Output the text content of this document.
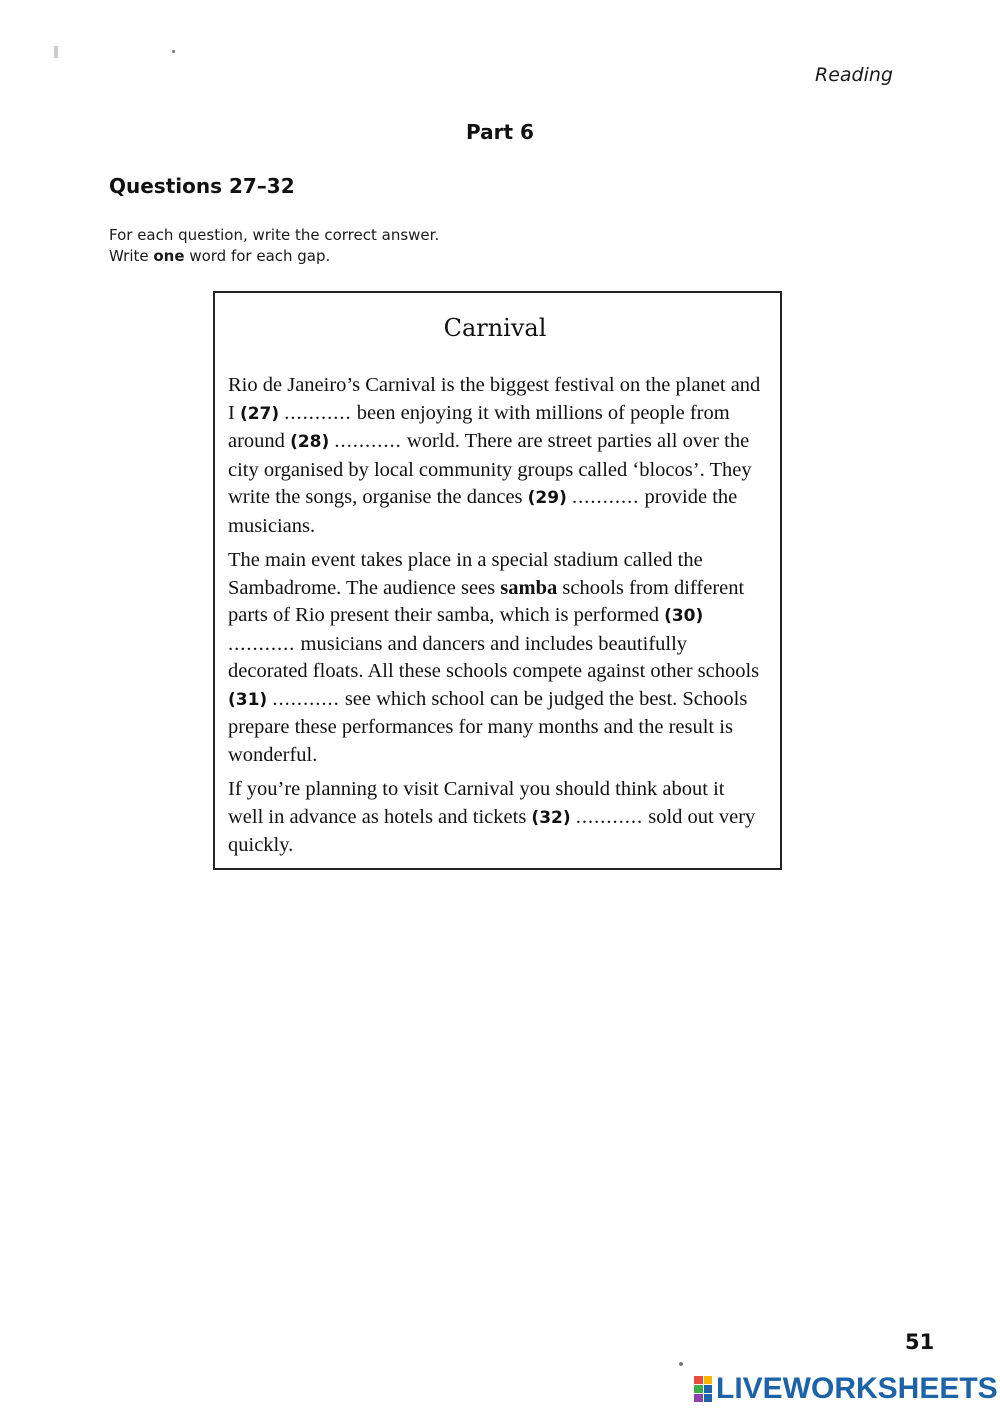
Reading
Part 6
Questions 27–32
For each question, write the correct answer.
Write one word for each gap.
Carnival

Rio de Janeiro’s Carnival is the biggest festival on the planet and I (27) ........... been enjoying it with millions of people from around (28) ........... world. There are street parties all over the city organised by local community groups called ‘blocos’. They write the songs, organise the dances (29) ........... provide the musicians.

The main event takes place in a special stadium called the Sambadrome. The audience sees samba schools from different parts of Rio present their samba, which is performed (30) ........... musicians and dancers and includes beautifully decorated floats. All these schools compete against other schools (31) ........... see which school can be judged the best. Schools prepare these performances for many months and the result is wonderful.

If you’re planning to visit Carnival you should think about it well in advance as hotels and tickets (32) ........... sold out very quickly.

51
LIVEWORKSHEETS
